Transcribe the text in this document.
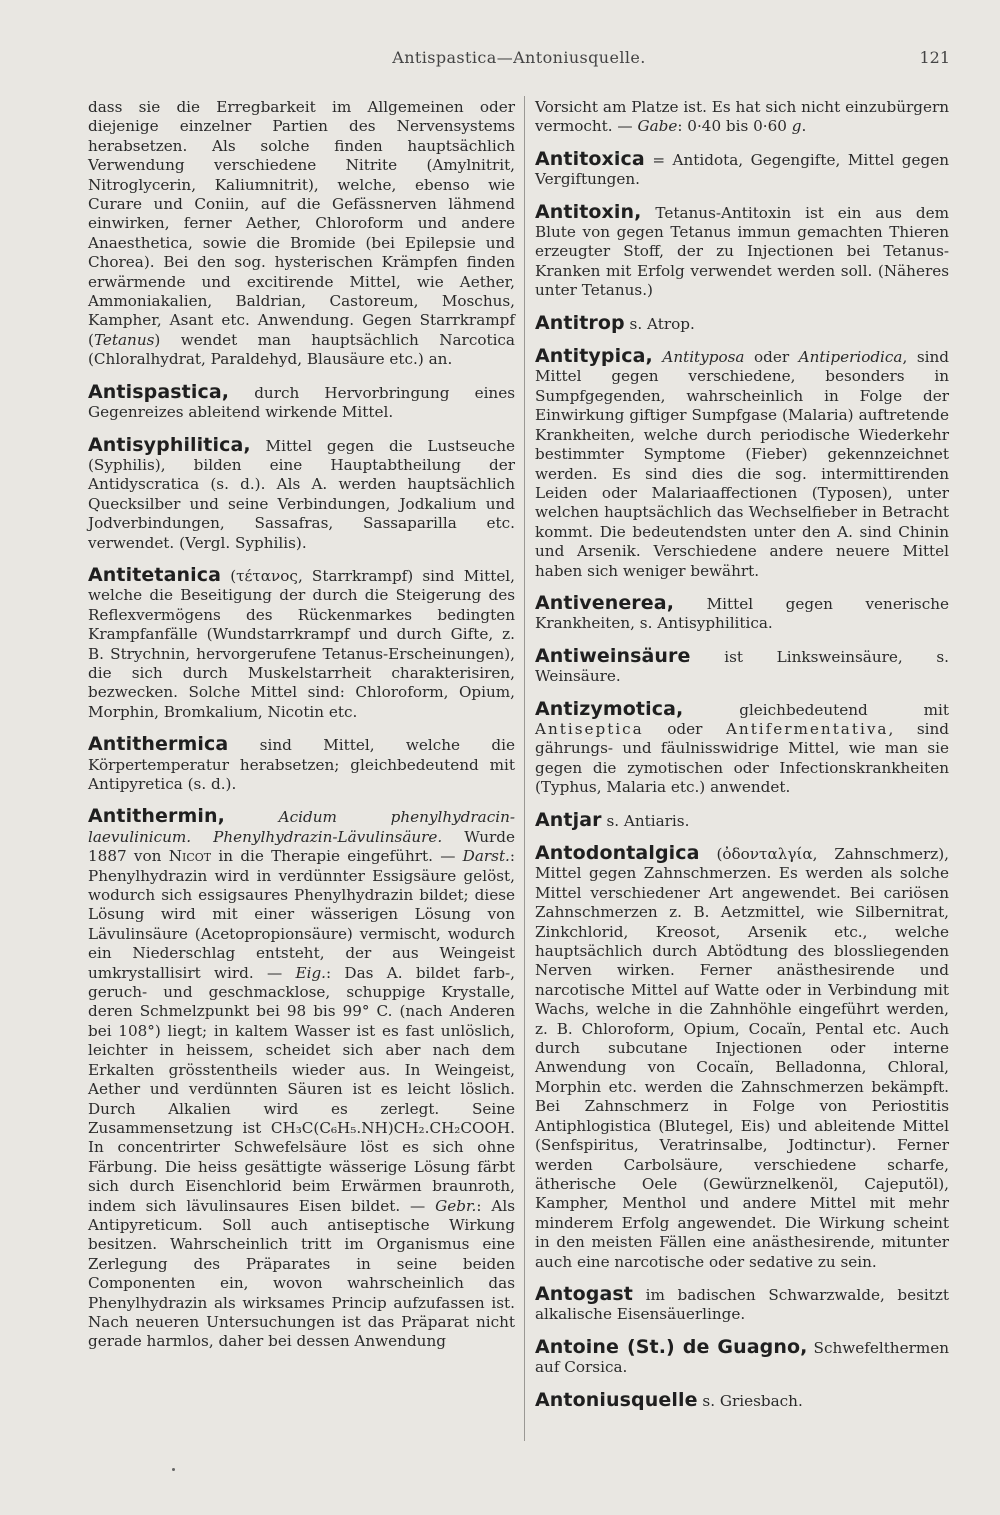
Antispastica—Antoniusquelle.	121

dass sie die Erregbarkeit im Allgemeinen oder diejenige einzelner Partien des Nervensystems herabsetzen. Als solche finden hauptsächlich Verwendung verschiedene Nitrite (Amylnitrit, Nitroglycerin, Kaliumnitrit), welche, ebenso wie Curare und Coniin, auf die Gefässnerven lähmend einwirken, ferner Aether, Chloroform und andere Anaesthetica, sowie die Bromide (bei Epilepsie und Chorea). Bei den sog. hysterischen Krämpfen finden erwärmende und excitirende Mittel, wie Aether, Ammoniakalien, Baldrian, Castoreum, Moschus, Kampher, Asant etc. Anwendung. Gegen Starrkrampf (Tetanus) wendet man hauptsächlich Narcotica (Chloralhydrat, Paraldehyd, Blausäure etc.) an.

Antispastica, durch Hervorbringung eines Gegenreizes ableitend wirkende Mittel.

Antisyphilitica, Mittel gegen die Lustseuche (Syphilis), bilden eine Hauptabtheilung der Antidyscratica (s. d.). Als A. werden hauptsächlich Quecksilber und seine Verbindungen, Jodkalium und Jodverbindungen, Sassafras, Sassaparilla etc. verwendet. (Vergl. Syphilis).

Antitetanica (τέτανος, Starrkrampf) sind Mittel, welche die Beseitigung der durch die Steigerung des Reflexvermögens des Rückenmarkes bedingten Krampfanfälle (Wundstarrkrampf und durch Gifte, z. B. Strychnin, hervorgerufene Tetanus-Erscheinungen), die sich durch Muskelstarrheit charakterisiren, bezwecken. Solche Mittel sind: Chloroform, Opium, Morphin, Bromkalium, Nicotin etc.

Antithermica sind Mittel, welche die Körpertemperatur herabsetzen; gleichbedeutend mit Antipyretica (s. d.).

Antithermin, Acidum phenylhydracin-laevulinicum. Phenylhydrazin-Lävulinsäure. Wurde 1887 von Nicot in die Therapie eingeführt. — Darst.: Phenylhydrazin wird in verdünnter Essigsäure gelöst, wodurch sich essigsaures Phenylhydrazin bildet; diese Lösung wird mit einer wässerigen Lösung von Lävulinsäure (Acetopropionsäure) vermischt, wodurch ein Niederschlag entsteht, der aus Weingeist umkrystallisirt wird. — Eig.: Das A. bildet farb-, geruch- und geschmacklose, schuppige Krystalle, deren Schmelzpunkt bei 98 bis 99° C. (nach Anderen bei 108°) liegt; in kaltem Wasser ist es fast unlöslich, leichter in heissem, scheidet sich aber nach dem Erkalten grösstentheils wieder aus. In Weingeist, Aether und verdünnten Säuren ist es leicht löslich. Durch Alkalien wird es zerlegt. Seine Zusammensetzung ist CH₃C(C₆H₅.NH)CH₂.CH₂COOH. In concentrirter Schwefelsäure löst es sich ohne Färbung. Die heiss gesättigte wässerige Lösung färbt sich durch Eisenchlorid beim Erwärmen braunroth, indem sich lävulinsaures Eisen bildet. — Gebr.: Als Antipyreticum. Soll auch antiseptische Wirkung besitzen. Wahrscheinlich tritt im Organismus eine Zerlegung des Präparates in seine beiden Componenten ein, wovon wahrscheinlich das Phenylhydrazin als wirksames Princip aufzufassen ist. Nach neueren Untersuchungen ist das Präparat nicht gerade harmlos, daher bei dessen Anwendung

Vorsicht am Platze ist. Es hat sich nicht einzubürgern vermocht. — Gabe: 0·40 bis 0·60 g.

Antitoxica = Antidota, Gegengifte, Mittel gegen Vergiftungen.

Antitoxin, Tetanus-Antitoxin ist ein aus dem Blute von gegen Tetanus immun gemachten Thieren erzeugter Stoff, der zu Injectionen bei Tetanus-Kranken mit Erfolg verwendet werden soll. (Näheres unter Tetanus.)

Antitrop s. Atrop.

Antitypica, Antityposa oder Antiperiodica, sind Mittel gegen verschiedene, besonders in Sumpfgegenden, wahrscheinlich in Folge der Einwirkung giftiger Sumpfgase (Malaria) auftretende Krankheiten, welche durch periodische Wiederkehr bestimmter Symptome (Fieber) gekennzeichnet werden. Es sind dies die sog. intermittirenden Leiden oder Malariaaffectionen (Typosen), unter welchen hauptsächlich das Wechselfieber in Betracht kommt. Die bedeutendsten unter den A. sind Chinin und Arsenik. Verschiedene andere neuere Mittel haben sich weniger bewährt.

Antivenerea, Mittel gegen venerische Krankheiten, s. Antisyphilitica.

Antiweinsäure ist Linksweinsäure, s. Weinsäure.

Antizymotica, gleichbedeutend mit Antiseptica oder Antifermentativa, sind gährungs- und fäulnisswidrige Mittel, wie man sie gegen die zymotischen oder Infectionskrankheiten (Typhus, Malaria etc.) anwendet.

Antjar s. Antiaris.

Antodontalgica (ὀδονταλγία, Zahnschmerz), Mittel gegen Zahnschmerzen. Es werden als solche Mittel verschiedener Art angewendet. Bei cariösen Zahnschmerzen z. B. Aetzmittel, wie Silbernitrat, Zinkchlorid, Kreosot, Arsenik etc., welche hauptsächlich durch Abtödtung des blossliegenden Nerven wirken. Ferner anästhesirende und narcotische Mittel auf Watte oder in Verbindung mit Wachs, welche in die Zahnhöhle eingeführt werden, z. B. Chloroform, Opium, Cocaïn, Pental etc. Auch durch subcutane Injectionen oder interne Anwendung von Cocaïn, Belladonna, Chloral, Morphin etc. werden die Zahnschmerzen bekämpft. Bei Zahnschmerz in Folge von Periostitis Antiphlogistica (Blutegel, Eis) und ableitende Mittel (Senfspiritus, Veratrinsalbe, Jodtinctur). Ferner werden Carbolsäure, verschiedene scharfe, ätherische Oele (Gewürznelkenöl, Cajeputöl), Kampher, Menthol und andere Mittel mit mehr minderem Erfolg angewendet. Die Wirkung scheint in den meisten Fällen eine anästhesirende, mitunter auch eine narcotische oder sedative zu sein.

Antogast im badischen Schwarzwalde, besitzt alkalische Eisensäuerlinge.

Antoine (St.) de Guagno, Schwefelthermen auf Corsica.

Antoniusquelle s. Griesbach.
